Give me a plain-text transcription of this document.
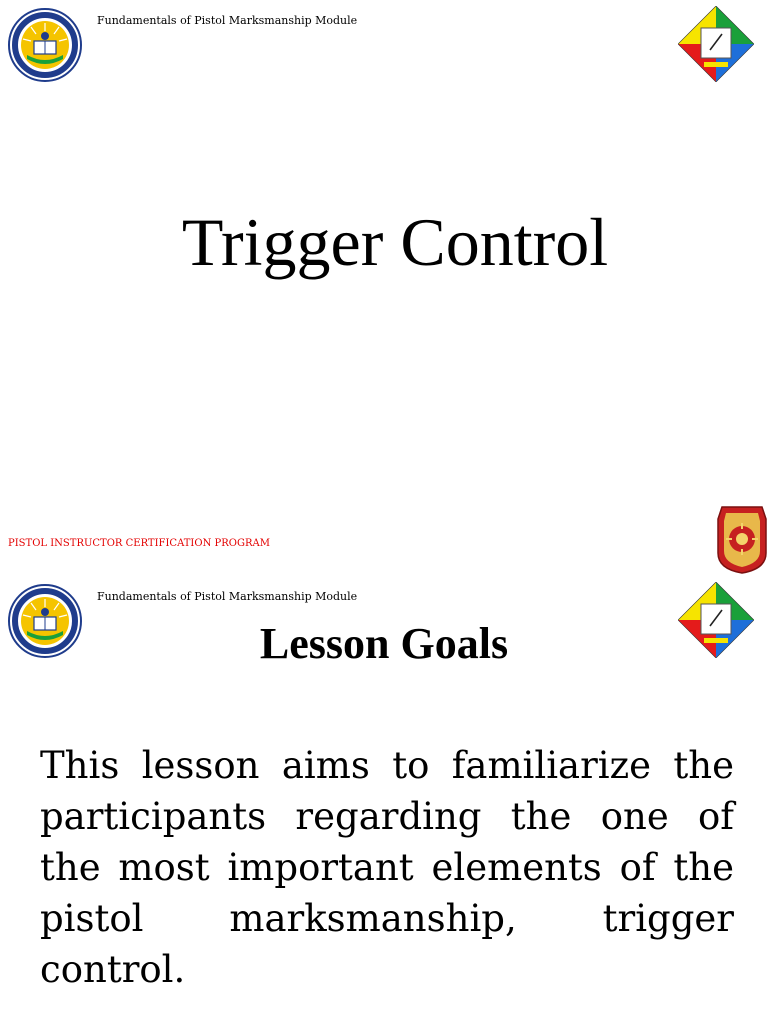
Fundamentals of Pistol Marksmanship Module
Trigger Control
PISTOL INSTRUCTOR CERTIFICATION PROGRAM
Fundamentals of Pistol Marksmanship Module
Lesson Goals
This lesson aims to familiarize the participants regarding the one of the most important elements of the pistol marksmanship, trigger control.
